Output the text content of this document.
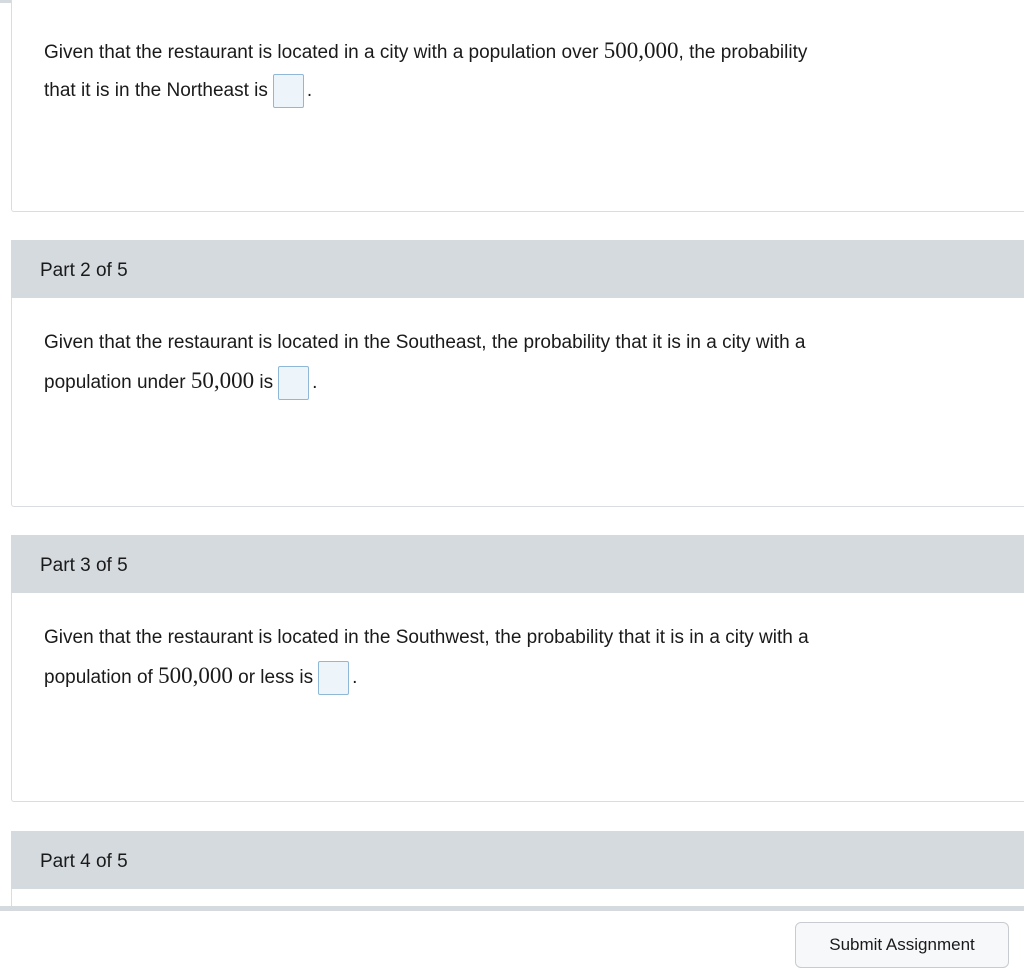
Given that the restaurant is located in a city with a population over 500,000, the probability
that it is in the Northeast is .
Part 2 of 5
Given that the restaurant is located in the Southeast, the probability that it is in a city with a
population under 50,000 is .
Part 3 of 5
Given that the restaurant is located in the Southwest, the probability that it is in a city with a
population of 500,000 or less is .
Part 4 of 5
Submit Assignment
